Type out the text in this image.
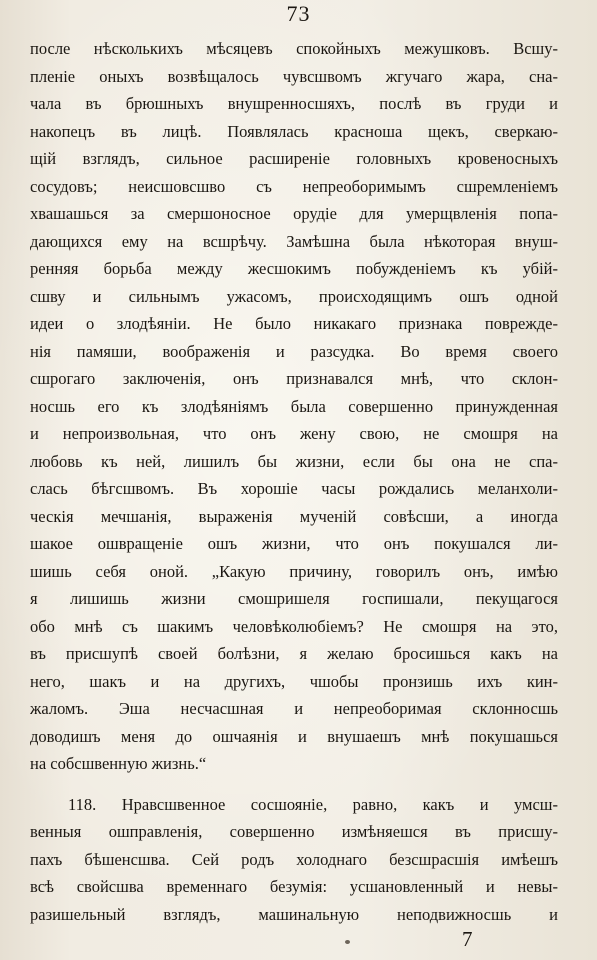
73
после нѣсколькихъ мѣсяцевъ спокойныхъ межушковъ. Всшу-
пленіе оныхъ возвѣщалось чувсшвомъ жгучаго жара, сна-
чала въ брюшныхъ внушренносшяхъ, послѣ въ груди и
накопецъ въ лицѣ. Появлялась красноша щекъ, сверкаю-
щій взглядъ, сильное расширеніе головныхъ кровеносныхъ
сосудовъ; неисшовсшво съ непреоборимымъ сшремленіемъ
хвашашься за смершоносное орудіе для умерщвленія попа-
дающихся ему на всшрѣчу. Замѣшна была нѣкоторая внуш-
ренняя борьба между жесшокимъ побужденіемъ къ убій-
сшву и сильнымъ ужасомъ, происходящимъ ошъ одной
идеи о злодѣяніи. Не было никакаго признака поврежде-
нія памяши, воображенія и разсудка. Во время своего
сшрогаго заключенія, онъ признавался мнѣ, что склон-
носшь его къ злодѣяніямъ была совершенно принужденная
и непроизвольная, что онъ жену свою, не смошря на
любовь къ ней, лишилъ бы жизни, если бы она не спа-
слась бѣгсшвомъ. Въ хорошіе часы рождались меланхоли-
ческія мечшанія, выраженія мученій совѣсши, а иногда
шакое ошвращеніе ошъ жизни, что онъ покушался ли-
шишь себя оной. „Какую причину, говорилъ онъ, имѣю
я лишишь жизни смошришеля госпишали, пекущагося
обо мнѣ съ шакимъ человѣколюбіемъ? Не смошря на это,
въ присшупѣ своей болѣзни, я желаю бросишься какъ на
него, шакъ и на другихъ, чшобы пронзишь ихъ кин-
жаломъ. Эша несчасшная и непреоборимая склонносшь
доводишъ меня до ошчаянія и внушаешъ мнѣ покушашься
на собсшвенную жизнь.“
118. Нравсшвенное сосшояніе, равно, какъ и умсш-
венныя ошправленія, совершенно измѣняешся въ присшу-
пахъ бѣшенсшва. Сей родъ холоднаго безсшрасшія имѣешъ
всѣ свойсшва временнаго безумія: усшановленный и невы-
разишельный взглядъ, машинальную неподвижносшь и
7
